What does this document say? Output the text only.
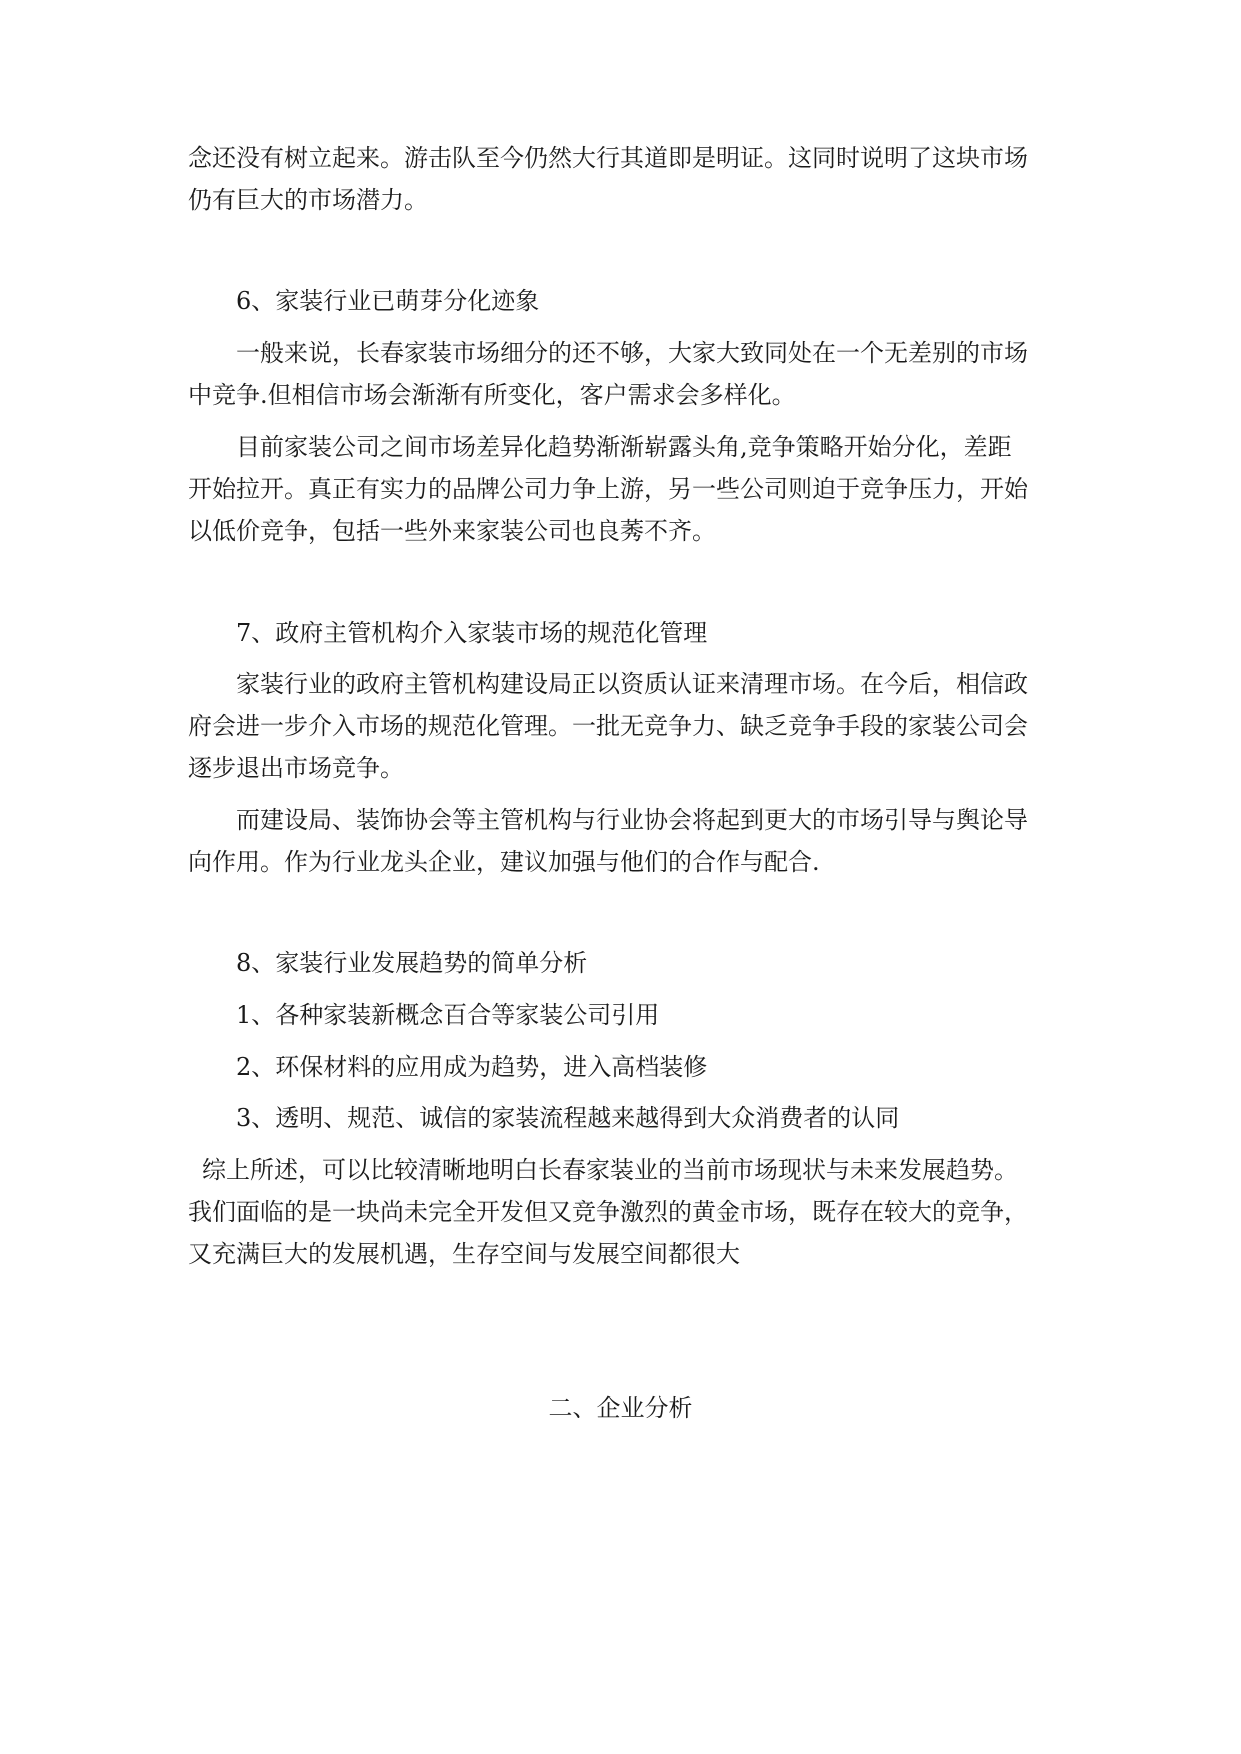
念还没有树立起来。游击队至今仍然大行其道即是明证。这同时说明了这块市场
仍有巨大的市场潜力。
6、家装行业已萌芽分化迹象
一般来说，长春家装市场细分的还不够，大家大致同处在一个无差别的市场
中竞争.但相信市场会渐渐有所变化，客户需求会多样化。
目前家装公司之间市场差异化趋势渐渐崭露头角,竞争策略开始分化，差距
开始拉开。真正有实力的品牌公司力争上游，另一些公司则迫于竞争压力，开始
以低价竞争，包括一些外来家装公司也良莠不齐。
7、政府主管机构介入家装市场的规范化管理
家装行业的政府主管机构建设局正以资质认证来清理市场。在今后，相信政
府会进一步介入市场的规范化管理。一批无竞争力、缺乏竞争手段的家装公司会
逐步退出市场竞争。
而建设局、装饰协会等主管机构与行业协会将起到更大的市场引导与舆论导
向作用。作为行业龙头企业，建议加强与他们的合作与配合.
8、家装行业发展趋势的简单分析
1、各种家装新概念百合等家装公司引用
2、环保材料的应用成为趋势，进入高档装修
3、透明、规范、诚信的家装流程越来越得到大众消费者的认同
综上所述，可以比较清晰地明白长春家装业的当前市场现状与未来发展趋势。
我们面临的是一块尚未完全开发但又竞争激烈的黄金市场，既存在较大的竞争，
又充满巨大的发展机遇，生存空间与发展空间都很大
二、企业分析
